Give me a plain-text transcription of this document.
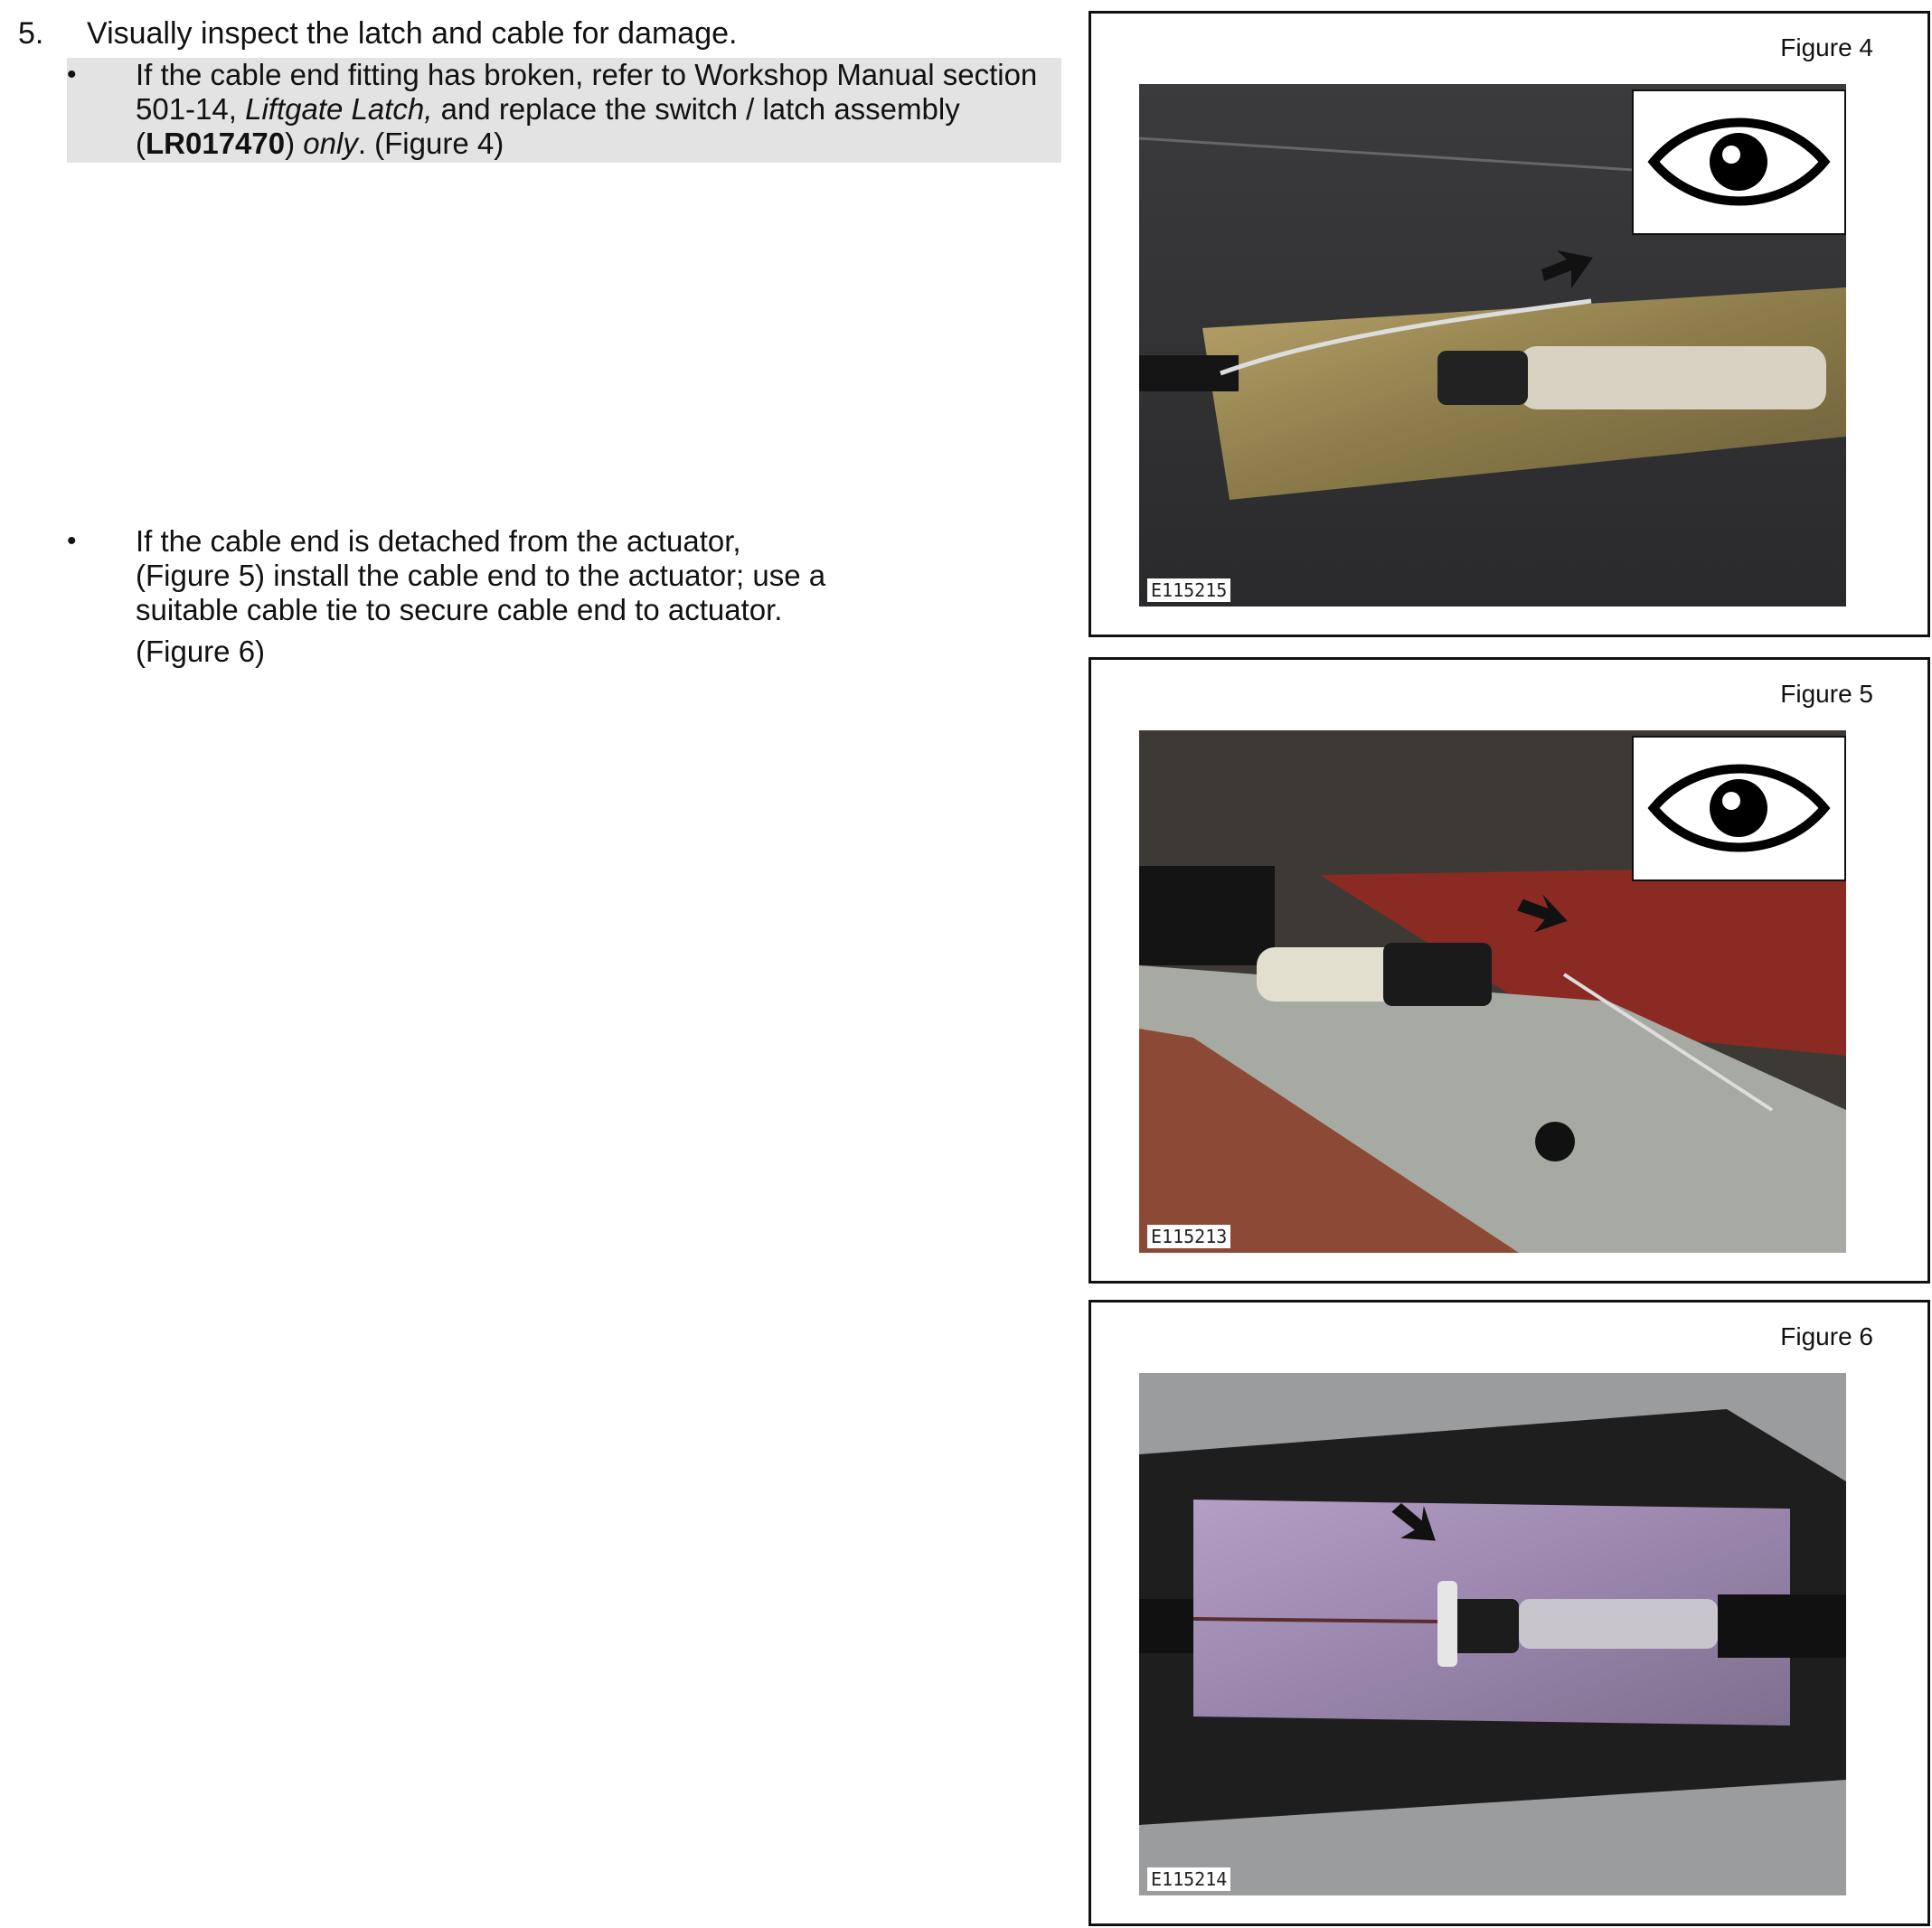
5. Visually inspect the latch and cable for damage.
•	If the cable end fitting has broken, refer to Workshop Manual section 501-14, Liftgate Latch, and replace the switch / latch assembly (LR017470) only. (Figure 4)
•	If the cable end is detached from the actuator,
(Figure 5) install the cable end to the actuator; use a
suitable cable tie to secure cable end to actuator.
(Figure 6)
Figure 4
E115215
Figure 5
E115213
Figure 6
E115214
